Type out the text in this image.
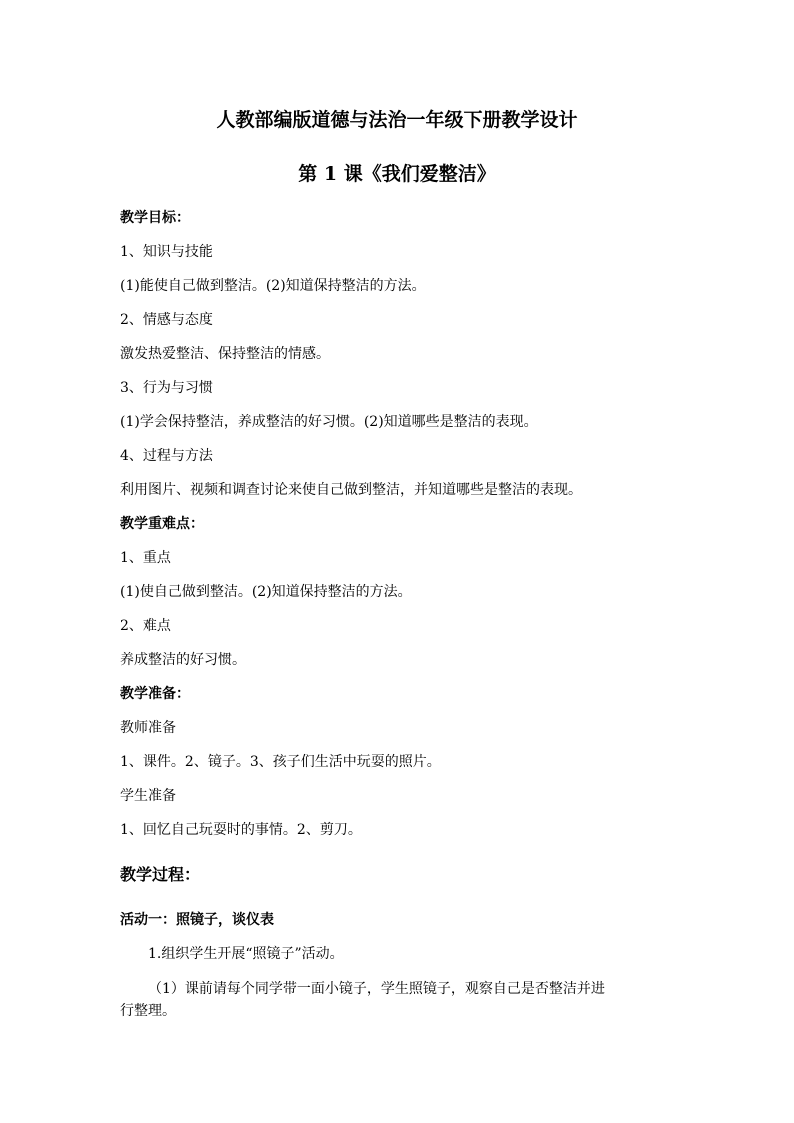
人教部编版道德与法治一年级下册教学设计
第 1 课《我们爱整洁》
教学目标：
1、知识与技能
(1)能使自己做到整洁。(2)知道保持整洁的方法。
2、情感与态度
激发热爱整洁、保持整洁的情感。
3、行为与习惯
(1)学会保持整洁，养成整洁的好习惯。(2)知道哪些是整洁的表现。
4、过程与方法
利用图片、视频和调查讨论来使自己做到整洁，并知道哪些是整洁的表现。
教学重难点：
1、重点
(1)使自己做到整洁。(2)知道保持整洁的方法。
2、难点
养成整洁的好习惯。
教学准备：
教师准备
1、课件。2、镜子。3、孩子们生活中玩耍的照片。
学生准备
1、回忆自己玩耍时的事情。2、剪刀。
教学过程：
活动一：照镜子，谈仪表
1.组织学生开展“照镜子”活动。
（1）课前请每个同学带一面小镜子，学生照镜子，观察自己是否整洁并进
行整理。
